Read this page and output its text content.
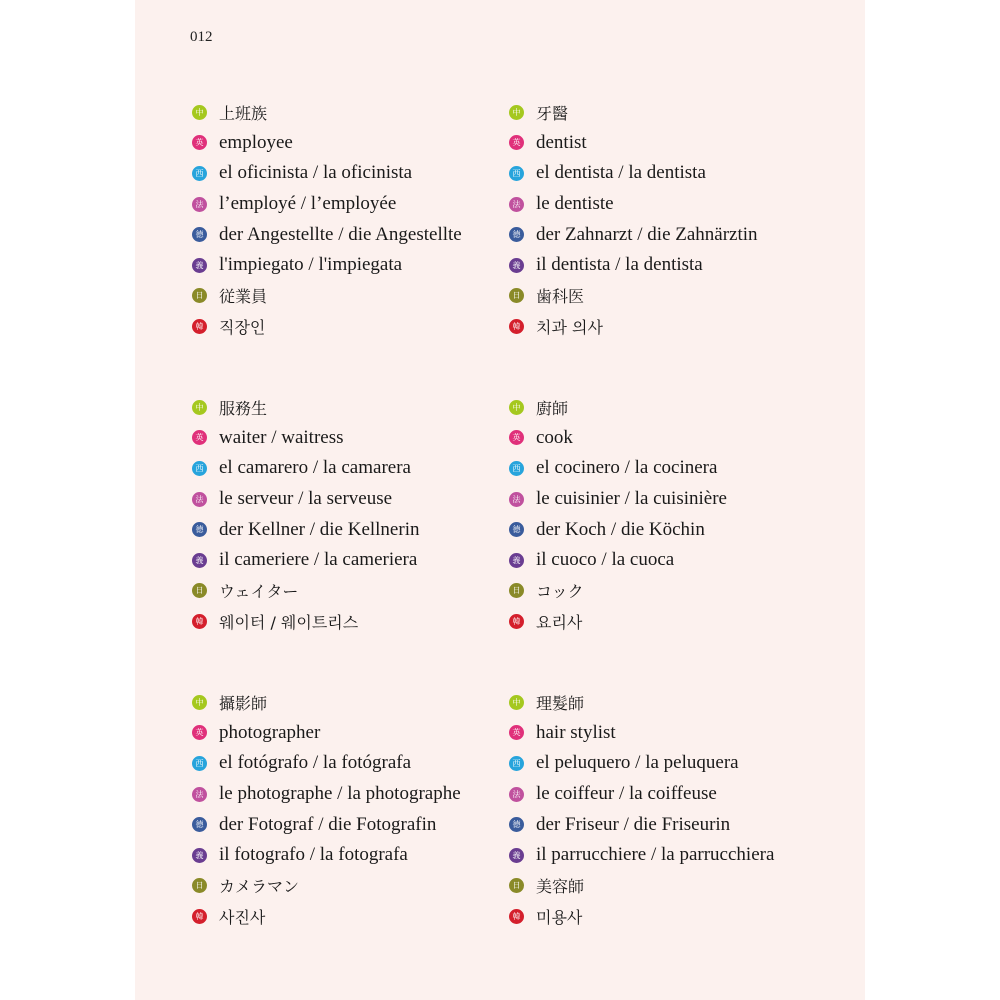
012
中 上班族
英 employee
西 el oficinista / la oficinista
法 l’employé / l’employée
德 der Angestellte / die Angestellte
義 l'impiegato / l'impiegata
日 従業員
韓 직장인
中 牙醫
英 dentist
西 el dentista / la dentista
法 le dentiste
德 der Zahnarzt / die Zahnärztin
義 il dentista / la dentista
日 歯科医
韓 치과 의사
中 服務生
英 waiter / waitress
西 el camarero / la camarera
法 le serveur / la serveuse
德 der Kellner / die Kellnerin
義 il cameriere / la cameriera
日 ウェイター
韓 웨이터 / 웨이트리스
中 廚師
英 cook
西 el cocinero / la cocinera
法 le cuisinier / la cuisinière
德 der Koch / die Köchin
義 il cuoco / la cuoca
日 コック
韓 요리사
中 攝影師
英 photographer
西 el fotógrafo / la fotógrafa
法 le photographe / la photographe
德 der Fotograf / die Fotografin
義 il fotografo / la fotografa
日 カメラマン
韓 사진사
中 理髮師
英 hair stylist
西 el peluquero / la peluquera
法 le coiffeur / la coiffeuse
德 der Friseur / die Friseurin
義 il parrucchiere / la parrucchiera
日 美容師
韓 미용사
